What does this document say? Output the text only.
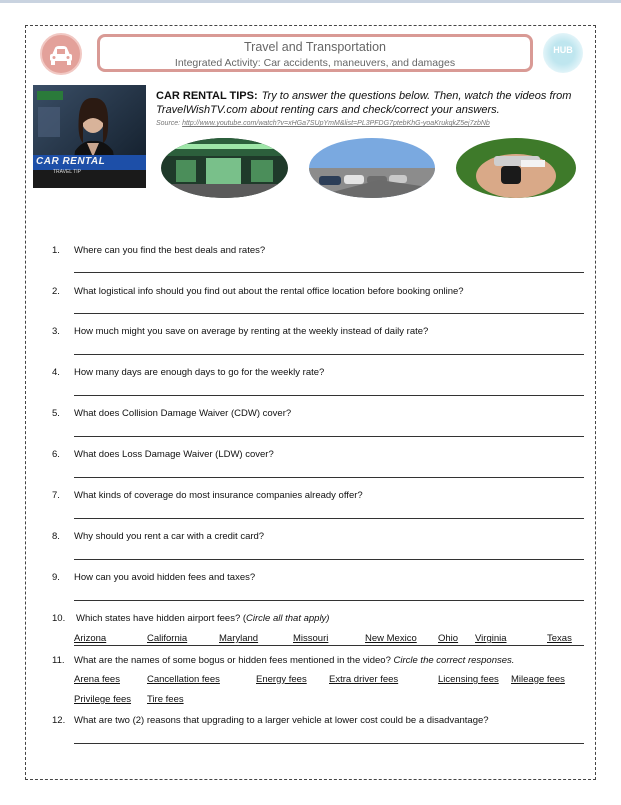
Travel and Transportation
Integrated Activity: Car accidents, maneuvers, and damages
HUB
CAR RENTAL
TRAVEL TIP
CAR RENTAL TIPS: Try to answer the questions below. Then, watch the videos from TravelWishTV.com about renting cars and check/correct your answers.
Source: http://www.youtube.com/watch?v=xHGa7SUpYmM&list=PL3PFDG7ptebKhG-yoaKrukqkZ5ej7zbNb
1. Where can you find the best deals and rates?
2. What logistical info should you find out about the rental office location before booking online?
3. How much might you save on average by renting at the weekly instead of daily rate?
4. How many days are enough days to go for the weekly rate?
5. What does Collision Damage Waiver (CDW) cover?
6. What does Loss Damage Waiver (LDW) cover?
7. What kinds of coverage do most insurance companies already offer?
8. Why should you rent a car with a credit card?
9. How can you avoid hidden fees and taxes?
10. Which states have hidden airport fees? (Circle all that apply)
Arizona	California	Maryland	Missouri	New Mexico Ohio Virginia	Texas
11. What are the names of some bogus or hidden fees mentioned in the video? Circle the correct responses.
Arena fees	Cancellation fees	Energy fees Extra driver fees	Licensing fees Mileage fees
Privilege fees Tire fees
12. What are two (2) reasons that upgrading to a larger vehicle at lower cost could be a disadvantage?
